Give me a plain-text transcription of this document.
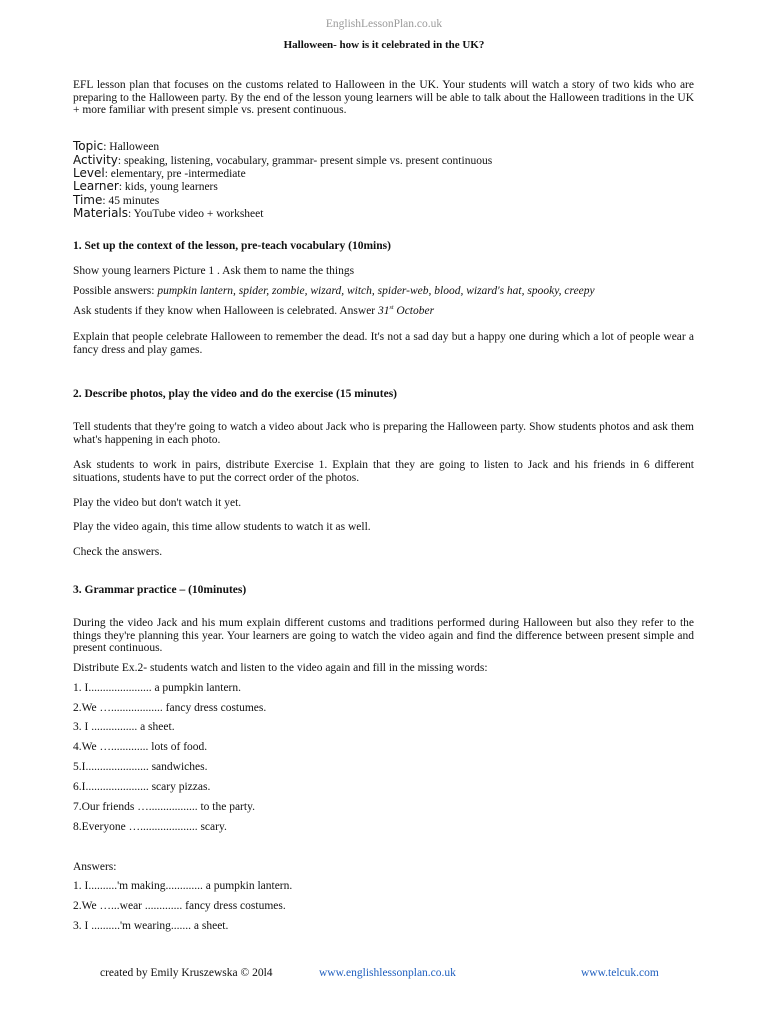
EnglishLessonPlan.co.uk
Halloween- how is it celebrated in the UK?
EFL lesson plan that focuses on the customs related to Halloween in the UK. Your students will watch a story of two kids who are preparing to the Halloween party. By the end of the lesson young learners will be able to talk about the Halloween traditions in the UK + more familiar with present simple vs. present continuous.
Topic: Halloween
Activity: speaking, listening, vocabulary, grammar- present simple vs. present continuous
Level: elementary, pre -intermediate
Learner: kids, young learners
Time: 45 minutes
Materials: YouTube video + worksheet
1. Set up the context of the lesson, pre-teach vocabulary (10mins)
Show young learners Picture 1 . Ask them to name the things
Possible answers: pumpkin lantern, spider, zombie, wizard, witch, spider-web, blood, wizard's hat, spooky, creepy
Ask students if they know when Halloween is celebrated. Answer 31st October
Explain that people celebrate Halloween to remember the dead. It's not a sad day but a happy one during which a lot of people wear a fancy dress and play games.
2. Describe photos, play the video and do the exercise (15 minutes)
Tell students that they're going to watch a video about Jack who is preparing the Halloween party. Show students photos and ask them what's happening in each photo.
Ask students to work in pairs, distribute Exercise 1. Explain that they are going to listen to Jack and his friends in 6 different situations, students have to put the correct order of the photos.
Play the video but don't watch it yet.
Play the video again, this time allow students to watch it as well.
Check the answers.
3. Grammar practice – (10minutes)
During the video Jack and his mum explain different customs and traditions performed during Halloween but also they refer to the things they're planning this year. Your learners are going to watch the video again and find the difference between present simple and present continuous.
Distribute Ex.2- students watch and listen to the video again and fill in the missing words:
1. I...................... a pumpkin lantern.
2.We ….................. fancy dress costumes.
3. I ................ a sheet.
4.We …............. lots of food.
5.I...................... sandwiches.
6.I...................... scary pizzas.
7.Our friends …................. to the party.
8.Everyone ….................... scary.
Answers:
1. I..........'m making............. a pumpkin lantern.
2.We …...wear ............. fancy dress costumes.
3. I ..........'m wearing....... a sheet.
created by Emily Kruszewska © 20l4	www.englishlessonplan.co.uk	www.telcuk.com
